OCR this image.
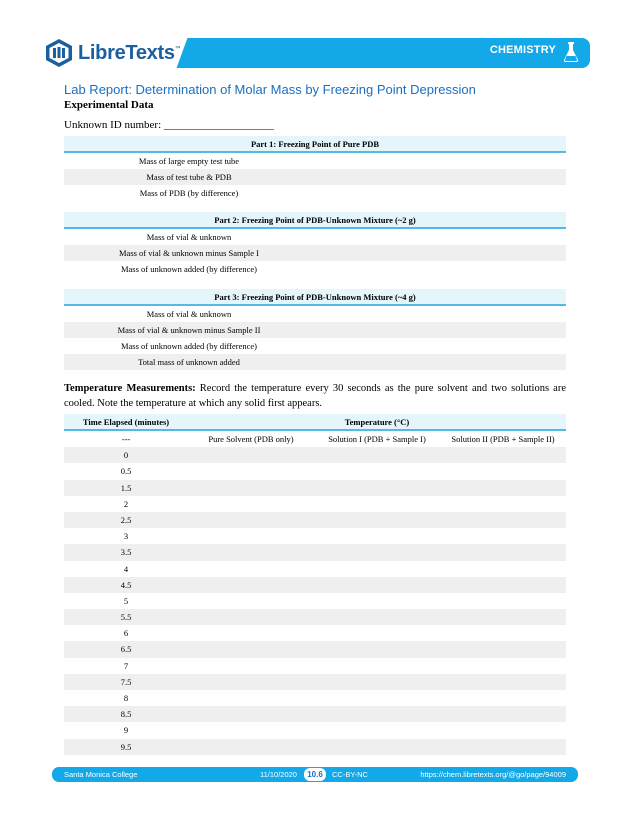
LibreTexts ™	CHEMISTRY
Lab Report: Determination of Molar Mass by Freezing Point Depression
Experimental Data
Unknown ID number: ____________________
Part 1: Freezing Point of Pure PDB
Mass of large empty test tube
Mass of test tube & PDB
Mass of PDB (by difference)
Part 2: Freezing Point of PDB-Unknown Mixture (~2 g)
Mass of vial & unknown
Mass of vial & unknown minus Sample I
Mass of unknown added (by difference)
Part 3: Freezing Point of PDB-Unknown Mixture (~4 g)
Mass of vial & unknown
Mass of vial & unknown minus Sample II
Mass of unknown added (by difference)
Total mass of unknown added
Temperature Measurements: Record the temperature every 30 seconds as the pure solvent and two solutions are cooled. Note the temperature at which any solid first appears.
Time Elapsed (minutes)	Temperature (°C)
---	Pure Solvent (PDB only)	Solution I (PDB + Sample I)	Solution II (PDB + Sample II)
0
0.5
1.5
2
2.5
3
3.5
4
4.5
5
5.5
6
6.5
7
7.5
8
8.5
9
9.5
Santa Monica College	11/10/2020	10.6	CC-BY-NC	https://chem.libretexts.org/@go/page/94009
